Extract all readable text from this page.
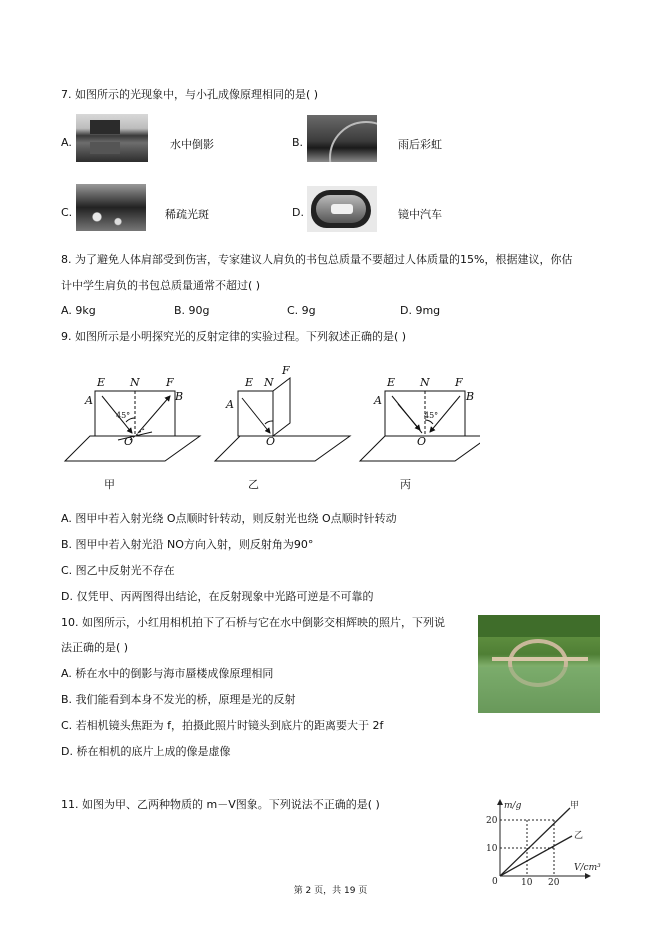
7. 如图所示的光现象中，与小孔成像原理相同的是( )
A.	水中倒影	B.	雨后彩虹
C.	稀疏光斑	D.	镜中汽车
8. 为了避免人体肩部受到伤害，专家建议人肩负的书包总质量不要超过人体质量的15%，根据建议，你估
计中学生肩负的书包总质量通常不超过( )
A. 9kg	B. 90g	C. 9g	D. 9mg
9. 如图所示是小明探究光的反射定律的实验过程。下列叙述正确的是( )
E N F
A	B
O
45°
E N
F
A
O
E N F
A	B
O
45°
甲	乙	丙
A. 图甲中若入射光绕 O点顺时针转动，则反射光也绕 O点顺时针转动
B. 图甲中若入射光沿 NO方向入射，则反射角为90°
C. 图乙中反射光不存在
D. 仅凭甲、丙两图得出结论，在反射现象中光路可逆是不可靠的
10. 如图所示，小红用相机拍下了石桥与它在水中倒影交相辉映的照片，下列说
法正确的是( )
A. 桥在水中的倒影与海市蜃楼成像原理相同
B. 我们能看到本身不发光的桥，原理是光的反射
C. 若相机镜头焦距为 f，拍摄此照片时镜头到底片的距离要大于 2f
D. 桥在相机的底片上成的像是虚像
11. 如图为甲、乙两种物质的 m－V图象。下列说法不正确的是( )	m/g
V/cm³
20
10
10 20
0
甲
乙
第 2 页，共 19 页
